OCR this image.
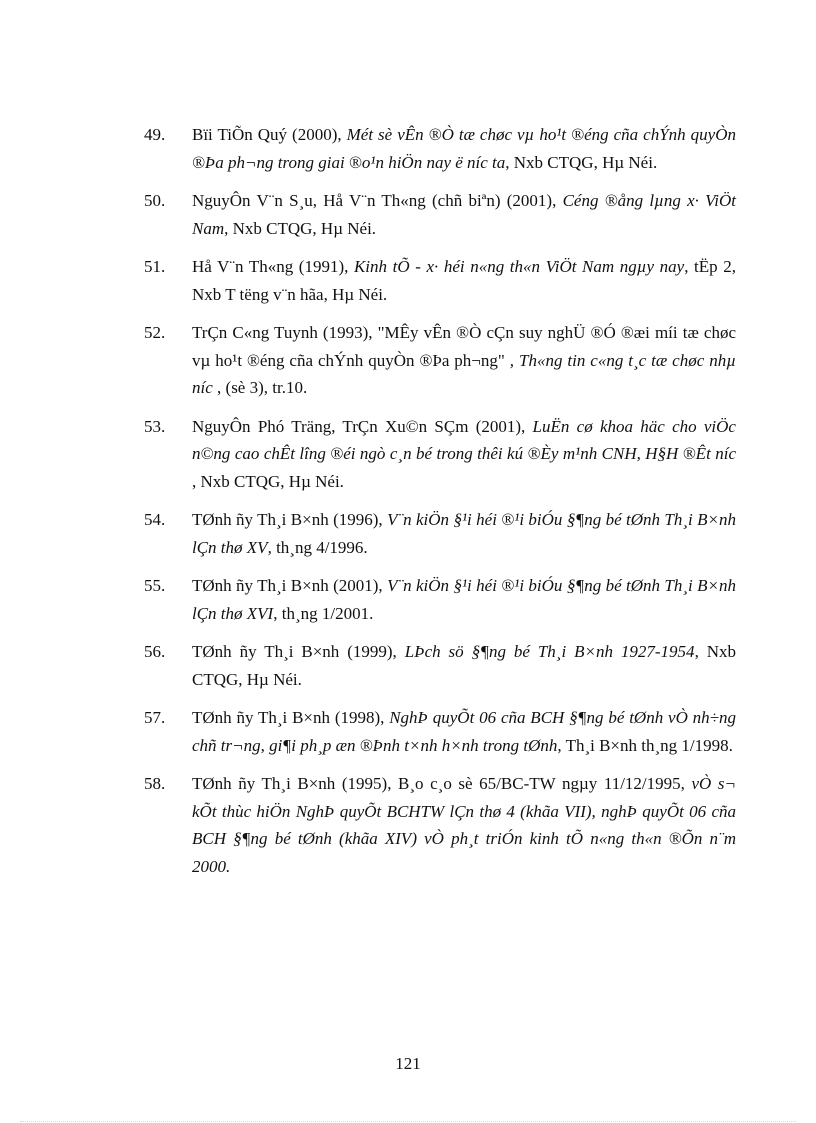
49.	Bïi TiÕn Quý (2000), Mét sè vÊn ®Ò tæ chøc vµ ho¹t ®éng cña chÝnh quyÒn ®Þa ph¬ng trong giai ®o¹n hiÖn nay ë níc ta, Nxb CTQG, Hµ Néi.
50.	NguyÔn V¨n S¸u, Hå V¨n Th«ng (chñ biªn) (2001), Céng ®ång lµng x· ViÖt Nam, Nxb CTQG, Hµ Néi.
51.	Hå V¨n Th«ng (1991), Kinh tÕ - x· héi n«ng th«n ViÖt Nam ngµy nay, tËp 2, Nxb T tëng v¨n hãa, Hµ Néi.
52.	TrÇn C«ng Tuynh (1993), "MÊy vÊn ®Ò cÇn suy nghÜ ®Ó ®æi míi tæ chøc vµ ho¹t ®éng cña chÝnh quyÒn ®Þa ph¬ng" , Th«ng tin c«ng t¸c tæ chøc nhµ níc , (sè 3), tr.10.
53.	NguyÔn Phó Träng, TrÇn Xu©n SÇm (2001), LuËn cø khoa häc cho viÖc n©ng cao chÊt lîng ®éi ngò c¸n bé trong thêi kú ®Èy m¹nh CNH, H§H ®Êt níc , Nxb CTQG, Hµ Néi.
54.	TØnh ñy Th¸i B×nh (1996), V¨n kiÖn §¹i héi ®¹i biÓu §¶ng bé tØnh Th¸i B×nh lÇn thø XV, th¸ng 4/1996.
55.	TØnh ñy Th¸i B×nh (2001), V¨n kiÖn §¹i héi ®¹i biÓu §¶ng bé tØnh Th¸i B×nh lÇn thø XVI, th¸ng 1/2001.
56.	TØnh ñy Th¸i B×nh (1999), LÞch sö §¶ng bé Th¸i B×nh 1927-1954, Nxb CTQG, Hµ Néi.
57.	TØnh ñy Th¸i B×nh (1998), NghÞ quyÕt 06 cña BCH §¶ng bé tØnh vÒ nh÷ng chñ tr¬ng, gi¶i ph¸p æn ®Þnh t×nh h×nh trong tØnh, Th¸i B×nh th¸ng 1/1998.
58.	TØnh ñy Th¸i B×nh (1995), B¸o c¸o sè 65/BC-TW ngµy 11/12/1995, vÒ s¬ kÕt thùc hiÖn NghÞ quyÕt BCHTW lÇn thø 4 (khãa VII), nghÞ quyÕt 06 cña BCH §¶ng bé tØnh (khãa XIV) vÒ ph¸t triÓn kinh tÕ n«ng th«n ®Õn n¨m 2000.
121
